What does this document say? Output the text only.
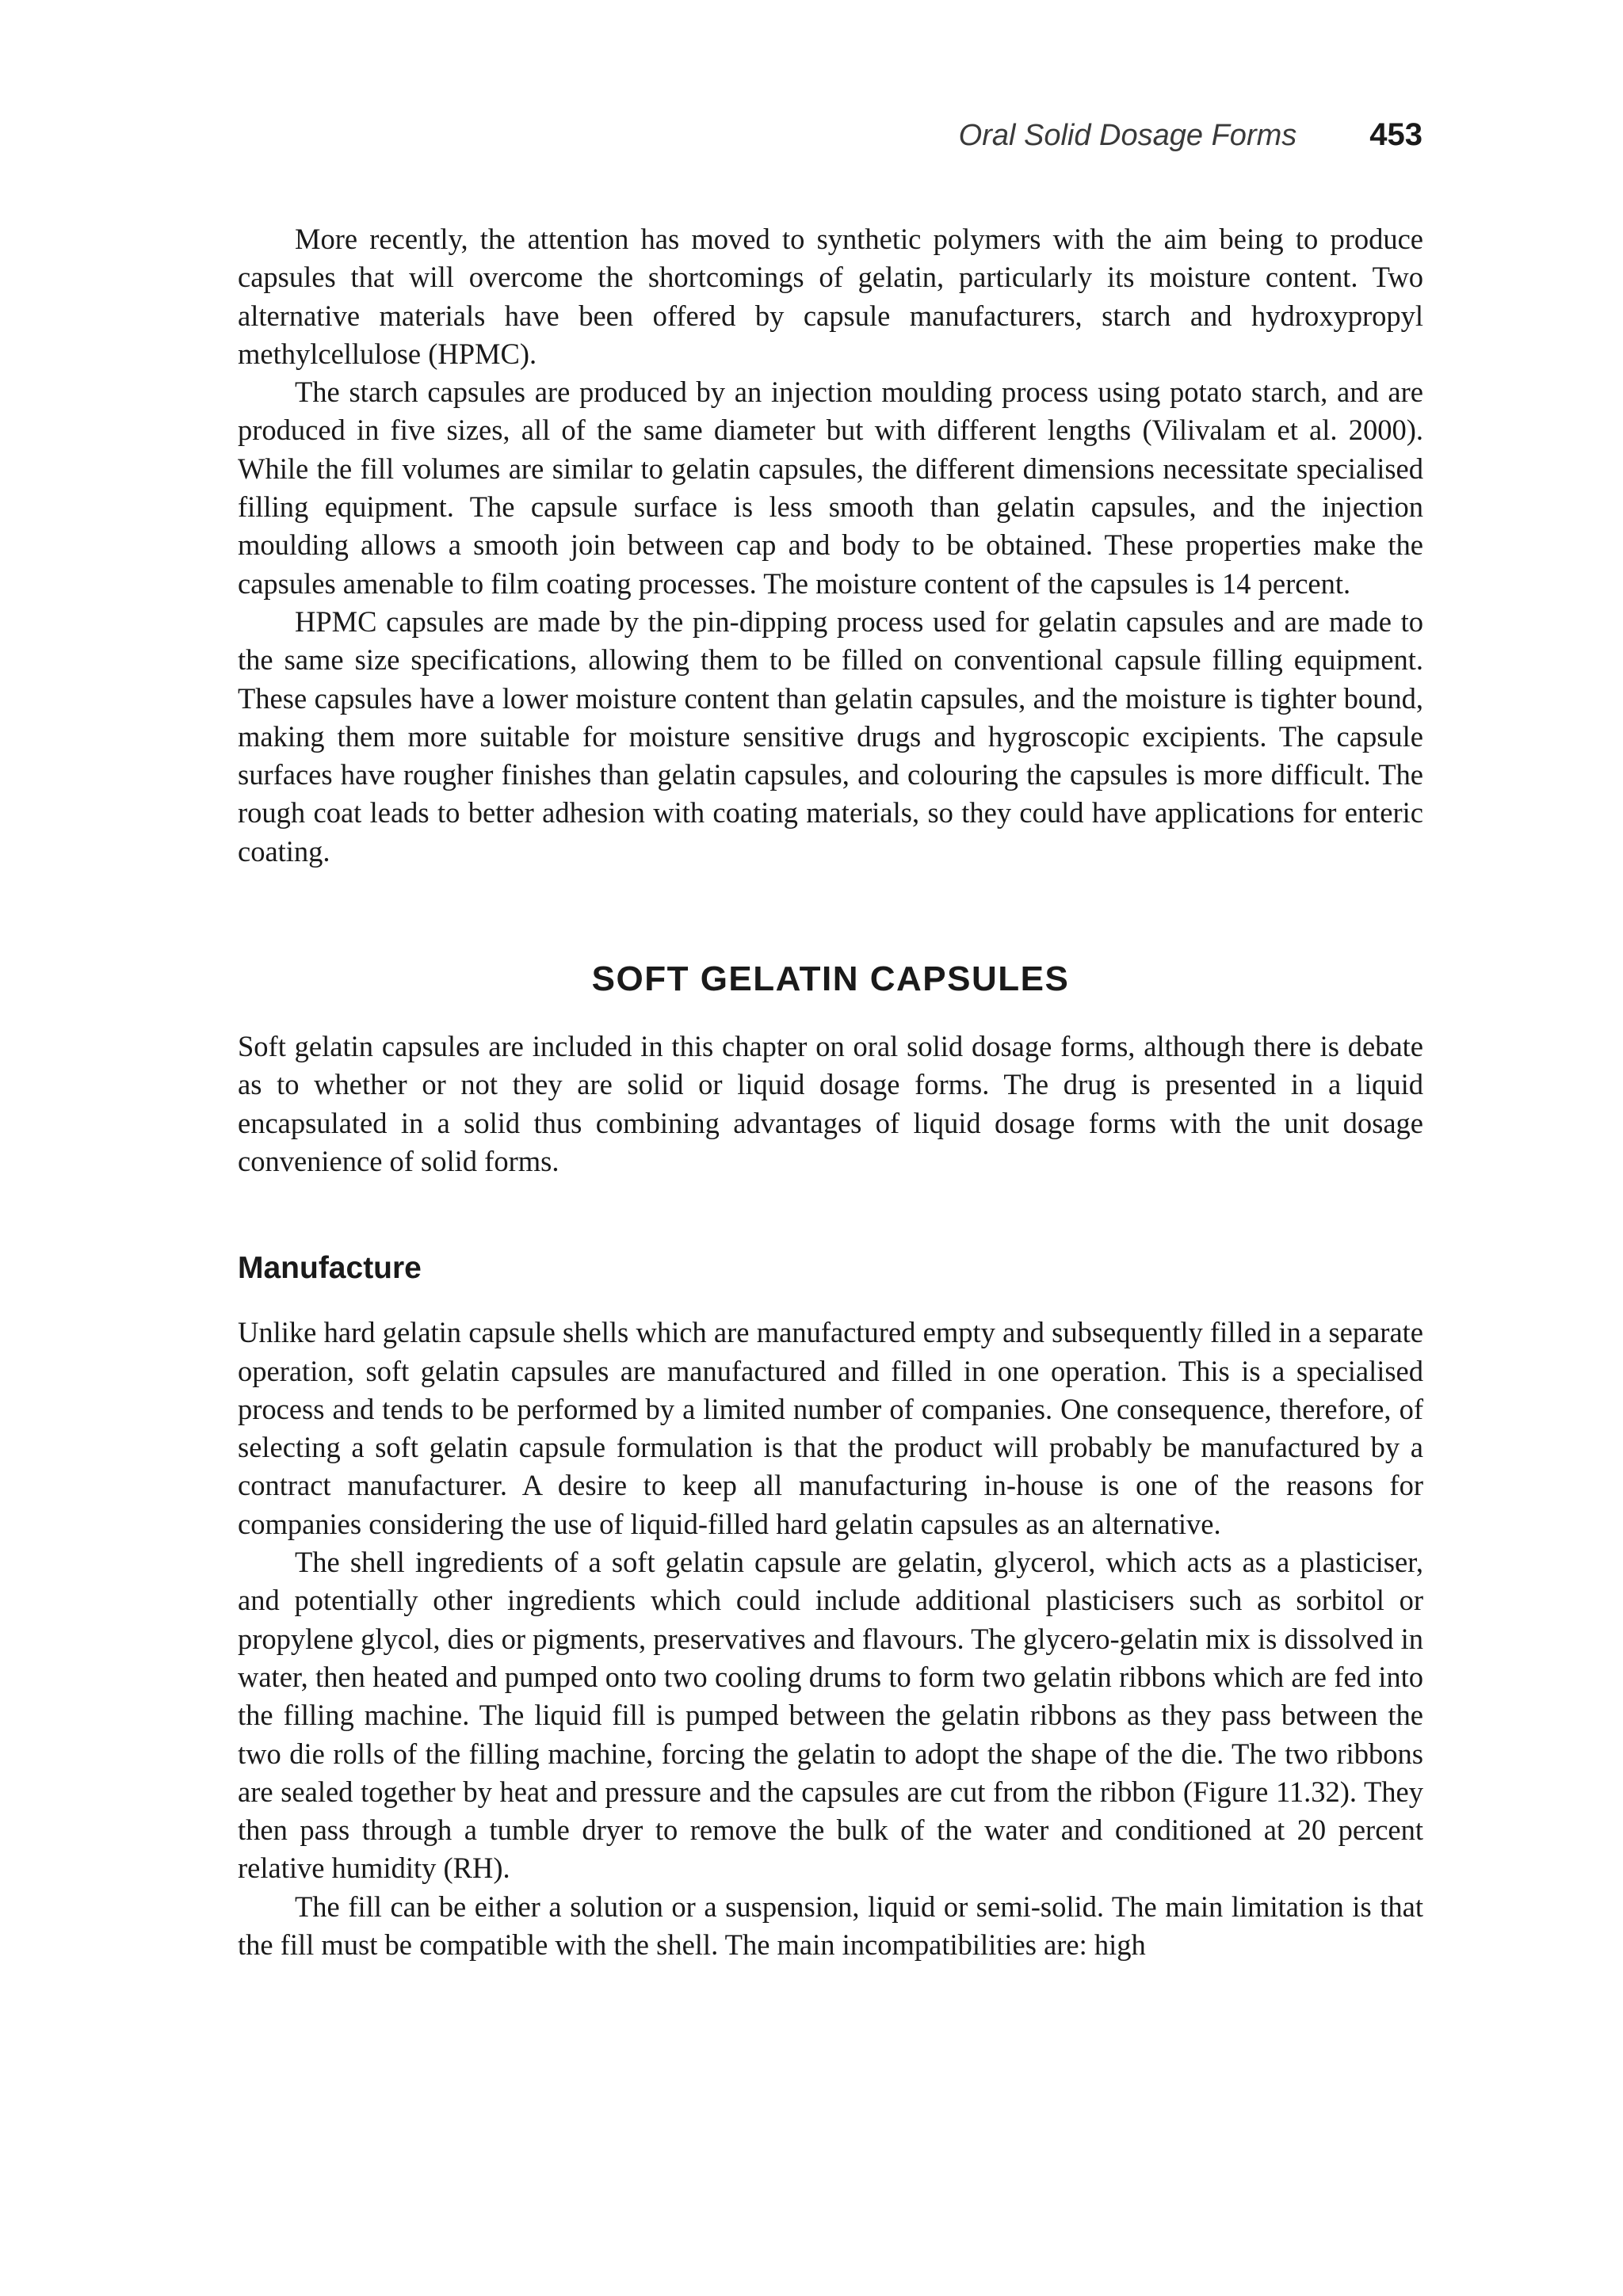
Oral Solid Dosage Forms 453

More recently, the attention has moved to synthetic polymers with the aim being to produce capsules that will overcome the shortcomings of gelatin, particularly its moisture content. Two alternative materials have been offered by capsule manufacturers, starch and hydroxypropyl methylcellulose (HPMC).

The starch capsules are produced by an injection moulding process using potato starch, and are produced in five sizes, all of the same diameter but with different lengths (Vilivalam et al. 2000). While the fill volumes are similar to gelatin capsules, the different dimensions necessitate specialised filling equipment. The capsule surface is less smooth than gelatin capsules, and the injection moulding allows a smooth join between cap and body to be obtained. These properties make the capsules amenable to film coating processes. The moisture content of the capsules is 14 percent.

HPMC capsules are made by the pin-dipping process used for gelatin capsules and are made to the same size specifications, allowing them to be filled on conventional capsule filling equipment. These capsules have a lower moisture content than gelatin capsules, and the moisture is tighter bound, making them more suitable for moisture sensitive drugs and hygroscopic excipients. The capsule surfaces have rougher finishes than gelatin capsules, and colouring the capsules is more difficult. The rough coat leads to better adhesion with coating materials, so they could have applications for enteric coating.

SOFT GELATIN CAPSULES

Soft gelatin capsules are included in this chapter on oral solid dosage forms, although there is debate as to whether or not they are solid or liquid dosage forms. The drug is presented in a liquid encapsulated in a solid thus combining advantages of liquid dosage forms with the unit dosage convenience of solid forms.

Manufacture

Unlike hard gelatin capsule shells which are manufactured empty and subsequently filled in a separate operation, soft gelatin capsules are manufactured and filled in one operation. This is a specialised process and tends to be performed by a limited number of companies. One consequence, therefore, of selecting a soft gelatin capsule formulation is that the product will probably be manufactured by a contract manufacturer. A desire to keep all manufacturing in-house is one of the reasons for companies considering the use of liquid-filled hard gelatin capsules as an alternative.

The shell ingredients of a soft gelatin capsule are gelatin, glycerol, which acts as a plasticiser, and potentially other ingredients which could include additional plasticisers such as sorbitol or propylene glycol, dies or pigments, preservatives and flavours. The glycero-gelatin mix is dissolved in water, then heated and pumped onto two cooling drums to form two gelatin ribbons which are fed into the filling machine. The liquid fill is pumped between the gelatin ribbons as they pass between the two die rolls of the filling machine, forcing the gelatin to adopt the shape of the die. The two ribbons are sealed together by heat and pressure and the capsules are cut from the ribbon (Figure 11.32). They then pass through a tumble dryer to remove the bulk of the water and conditioned at 20 percent relative humidity (RH).

The fill can be either a solution or a suspension, liquid or semi-solid. The main limitation is that the fill must be compatible with the shell. The main incompatibilities are: high
